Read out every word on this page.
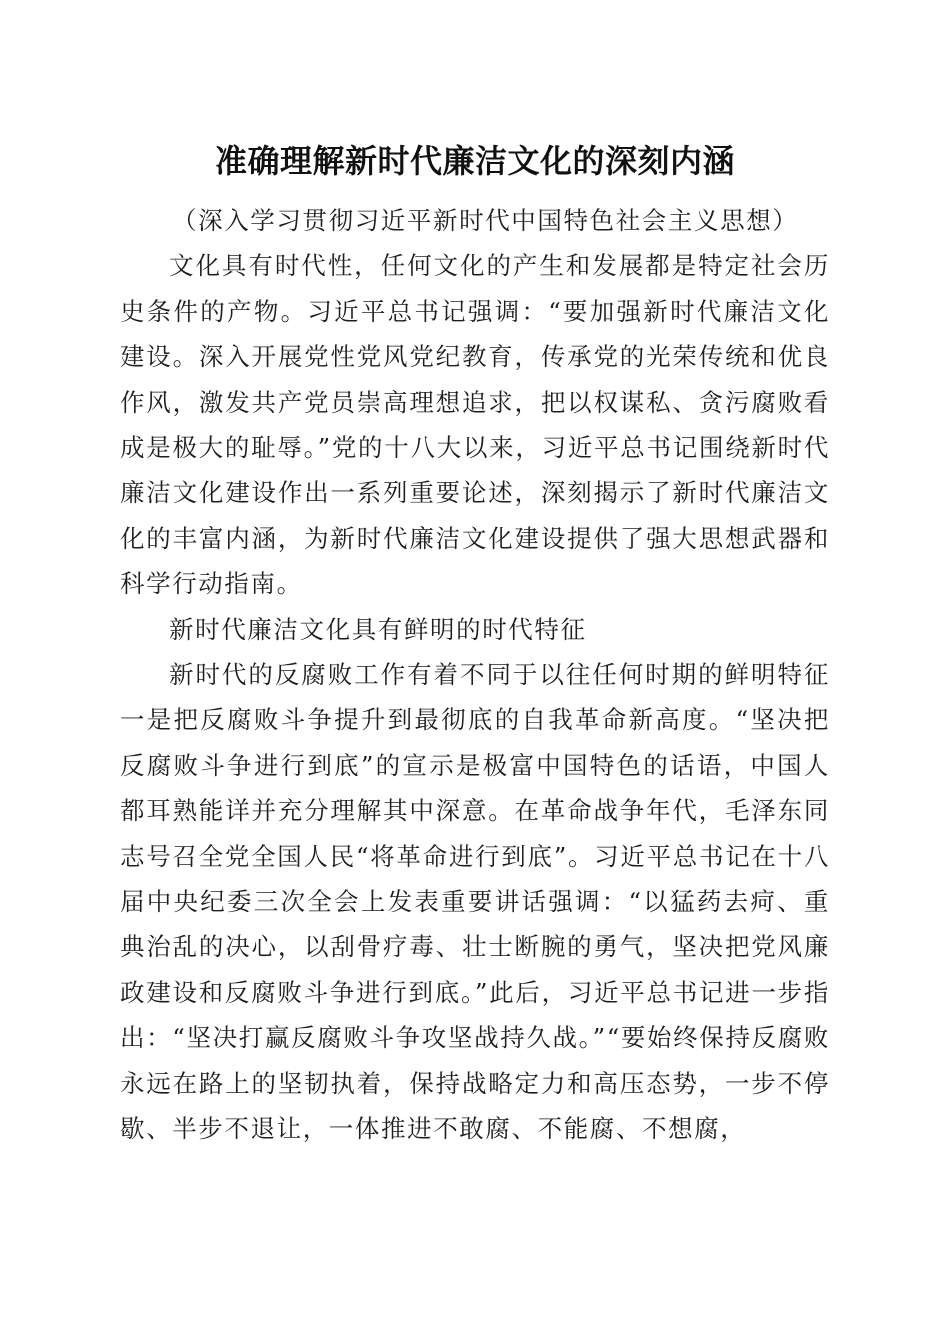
准确理解新时代廉洁文化的深刻内涵

（深入学习贯彻习近平新时代中国特色社会主义思想）

文化具有时代性，任何文化的产生和发展都是特定社会历史条件的产物。习近平总书记强调：“要加强新时代廉洁文化建设。深入开展党性党风党纪教育，传承党的光荣传统和优良作风，激发共产党员崇高理想追求，把以权谋私、贪污腐败看成是极大的耻辱。”党的十八大以来，习近平总书记围绕新时代廉洁文化建设作出一系列重要论述，深刻揭示了新时代廉洁文化的丰富内涵，为新时代廉洁文化建设提供了强大思想武器和科学行动指南。

新时代廉洁文化具有鲜明的时代特征

新时代的反腐败工作有着不同于以往任何时期的鲜明特征一是把反腐败斗争提升到最彻底的自我革命新高度。“坚决把反腐败斗争进行到底”的宣示是极富中国特色的话语，中国人都耳熟能详并充分理解其中深意。在革命战争年代，毛泽东同志号召全党全国人民“将革命进行到底”。习近平总书记在十八届中央纪委三次全会上发表重要讲话强调：“以猛药去疴、重典治乱的决心，以刮骨疗毒、壮士断腕的勇气，坚决把党风廉政建设和反腐败斗争进行到底。”此后，习近平总书记进一步指出：“坚决打赢反腐败斗争攻坚战持久战。”“要始终保持反腐败永远在路上的坚韧执着，保持战略定力和高压态势，一步不停歇、半步不退让，一体推进不敢腐、不能腐、不想腐，
